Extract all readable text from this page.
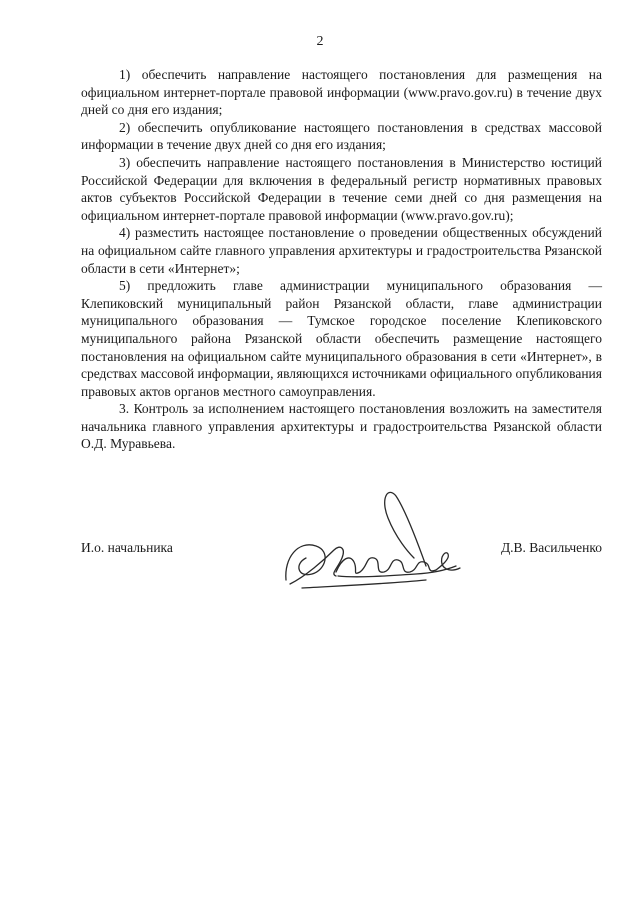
2

1) обеспечить направление настоящего постановления для размещения на официальном интернет-портале правовой информации (www.pravo.gov.ru) в течение двух дней со дня его издания;

2) обеспечить опубликование настоящего постановления в средствах массовой информации в течение двух дней со дня его издания;

3) обеспечить направление настоящего постановления в Министерство юстиций Российской Федерации для включения в федеральный регистр нормативных правовых актов субъектов Российской Федерации в течение семи дней со дня размещения на официальном интернет-портале правовой информации (www.pravo.gov.ru);

4) разместить настоящее постановление о проведении общественных обсуждений на официальном сайте главного управления архитектуры и градостроительства Рязанской области в сети «Интернет»;

5) предложить главе администрации муниципального образования — Клепиковский муниципальный район Рязанской области, главе администрации муниципального образования — Тумское городское поселение Клепиковского муниципального района Рязанской области обеспечить размещение настоящего постановления на официальном сайте муниципального образования в сети «Интернет», в средствах массовой информации, являющихся источниками официального опубликования правовых актов органов местного самоуправления.

3. Контроль за исполнением настоящего постановления возложить на заместителя начальника главного управления архитектуры и градостроительства Рязанской области О.Д. Муравьева.

И.о. начальника	Д.В. Васильченко
